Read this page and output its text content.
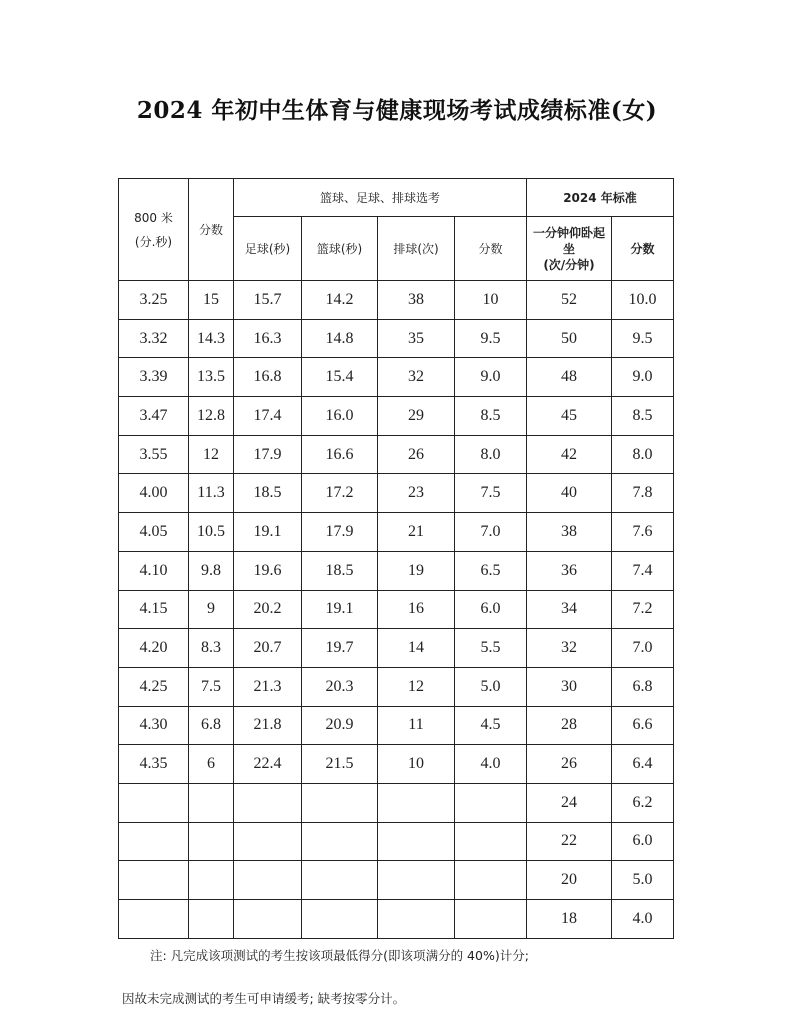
2024 年初中生体育与健康现场考试成绩标准(女)
800 米
(分.秒)	分数	篮球、足球、排球选考				2024 年标准	
		足球(秒)	篮球(秒)	排球(次)	分数	一分钟仰卧起
坐
(次/分钟)	分数
3.25	15	15.7	14.2	38	10	52	10.0
3.32	14.3	16.3	14.8	35	9.5	50	9.5
3.39	13.5	16.8	15.4	32	9.0	48	9.0
3.47	12.8	17.4	16.0	29	8.5	45	8.5
3.55	12	17.9	16.6	26	8.0	42	8.0
4.00	11.3	18.5	17.2	23	7.5	40	7.8
4.05	10.5	19.1	17.9	21	7.0	38	7.6
4.10	9.8	19.6	18.5	19	6.5	36	7.4
4.15	9	20.2	19.1	16	6.0	34	7.2
4.20	8.3	20.7	19.7	14	5.5	32	7.0
4.25	7.5	21.3	20.3	12	5.0	30	6.8
4.30	6.8	21.8	20.9	11	4.5	28	6.6
4.35	6	22.4	21.5	10	4.0	26	6.4
						24	6.2
						22	6.0
						20	5.0
						18	4.0

注: 凡完成该项测试的考生按该项最低得分(即该项满分的 40%)计分;

因故未完成测试的考生可申请缓考; 缺考按零分计。
